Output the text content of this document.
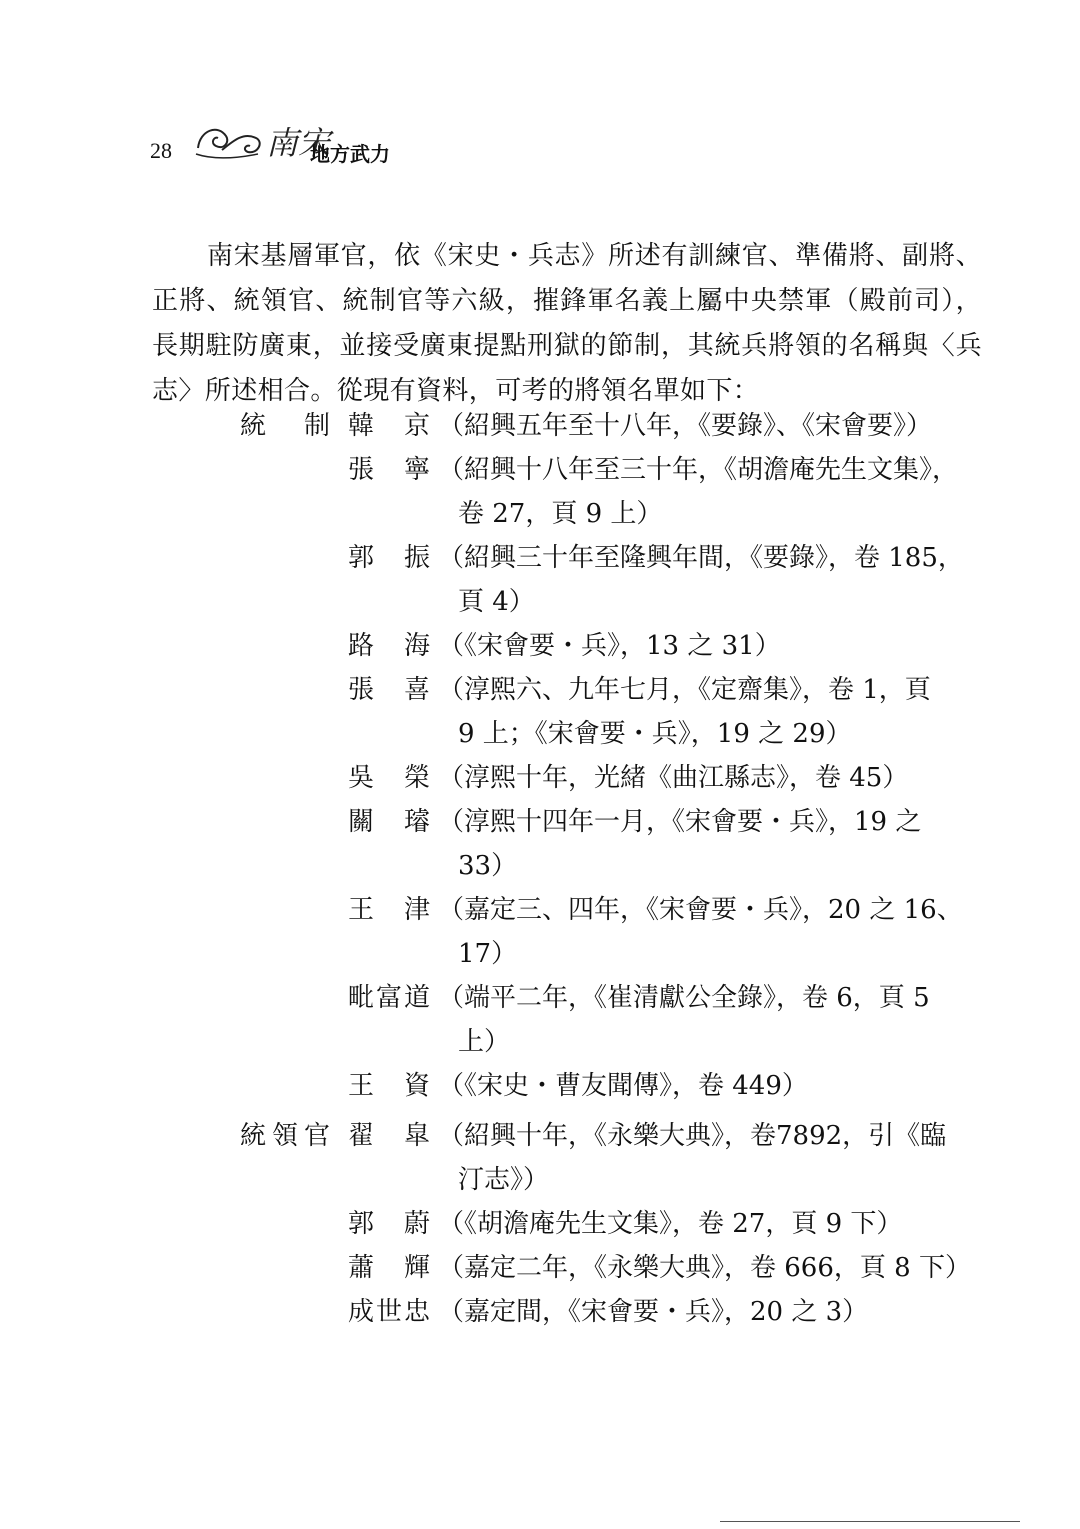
28	南宋
地方武力

南宋基層軍官，依《宋史・兵志》所述有訓練官、準備將、副將、正將、統領官、統制官等六級，摧鋒軍名義上屬中央禁軍（殿前司），長期駐防廣東，並接受廣東提點刑獄的節制，其統兵將領的名稱與〈兵志〉所述相合。從現有資料，可考的將領名單如下：

統　制
統領官
韓　京 （紹興五年至十八年，《要錄》、《宋會要》）
張　寧 （紹興十八年至三十年，《胡澹庵先生文集》，
卷 27，頁 9 上）
郭　振 （紹興三十年至隆興年間，《要錄》，卷 185，
頁 4）
路　海 （《宋會要・兵》，13 之 31）
張　喜 （淳熙六、九年七月，《定齋集》，卷 1，頁
9 上；《宋會要・兵》，19 之 29）
吳　榮 （淳熙十年，光緒《曲江縣志》，卷 45）
關　璿 （淳熙十四年一月，《宋會要・兵》，19 之
33）
王　津 （嘉定三、四年，《宋會要・兵》，20 之 16、
17）
毗富道 （端平二年，《崔清獻公全錄》，卷 6，頁 5
上）
王　資 （《宋史・曹友聞傳》，卷 449）
翟　皐 （紹興十年，《永樂大典》，卷7892，引《臨
汀志》）
郭　蔚 （《胡澹庵先生文集》，卷 27，頁 9 下）
蕭　輝 （嘉定二年，《永樂大典》，卷 666，頁 8 下）
成世忠 （嘉定間，《宋會要・兵》，20 之 3）
